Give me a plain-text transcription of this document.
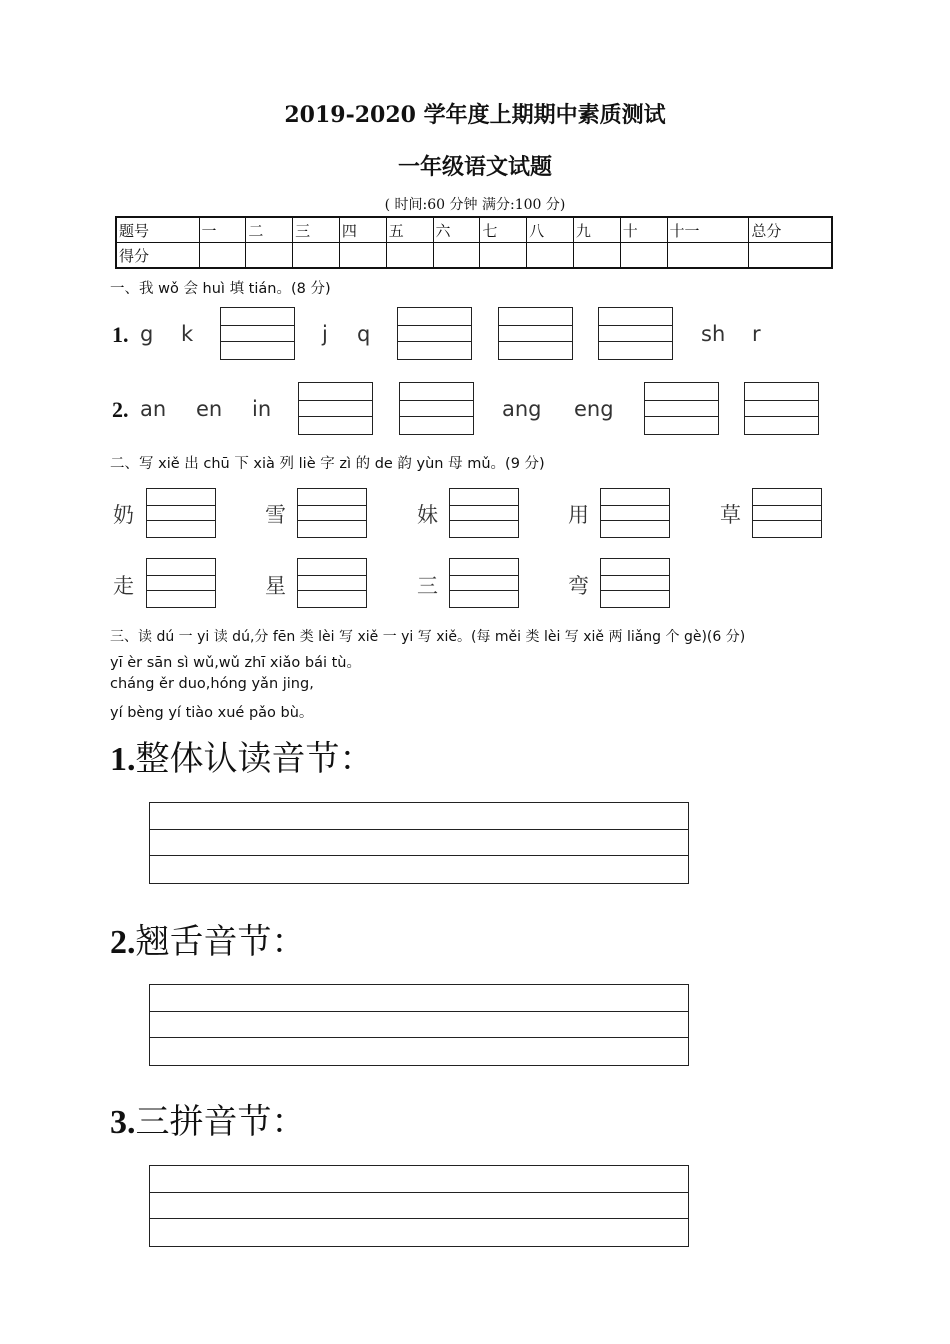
2019-2020 学年度上期期中素质测试
一年级语文试题
( 时间:60 分钟 满分:100 分)
题号	一	二	三	四	五	六	七	八	九	十	十一	总分
得分												
一、我 wǒ 会 huì 填 tián。(8 分)
1. g k	j q	sh r
2. an en in	ang eng
二、写 xiě 出 chū 下 xià 列 liè 字 zì 的 de 韵 yùn 母 mǔ。(9 分)
奶	雪	妹	用	草
走	星	三	弯
三、读 dú 一 yi 读 dú,分 fēn 类 lèi 写 xiě 一 yi 写 xiě。(每 měi 类 lèi 写 xiě 两 liǎng 个 gè)(6 分)
yī èr sān sì wǔ,wǔ zhī xiǎo bái tù。
cháng ěr duo,hóng yǎn jing,
yí bèng yí tiào xué pǎo bù。
1.整体认读音节：
2.翘舌音节：
3.三拼音节：
